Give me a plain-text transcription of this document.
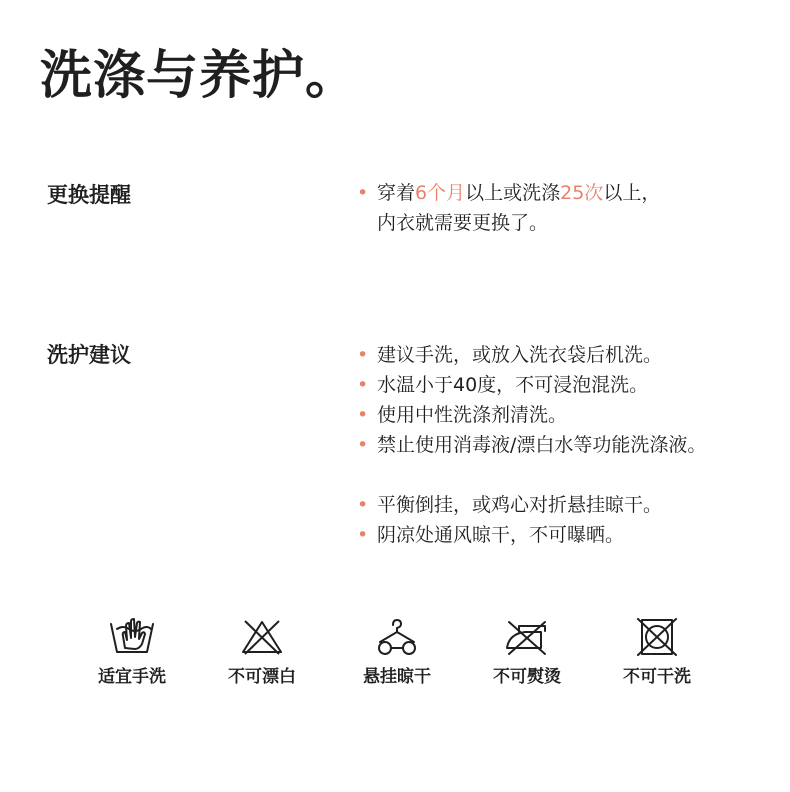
洗涤与养护。
更换提醒	• 穿着6个月以上或洗涤25次以上，
内衣就需要更换了。
洗护建议	• 建议手洗，或放入洗衣袋后机洗。
• 水温小于40度，不可浸泡混洗。
• 使用中性洗涤剂清洗。
• 禁止使用消毒液/漂白水等功能洗涤液。
• 平衡倒挂，或鸡心对折悬挂晾干。
• 阴凉处通风晾干，不可曝晒。
适宜手洗	不可漂白	悬挂晾干	不可熨烫	不可干洗
